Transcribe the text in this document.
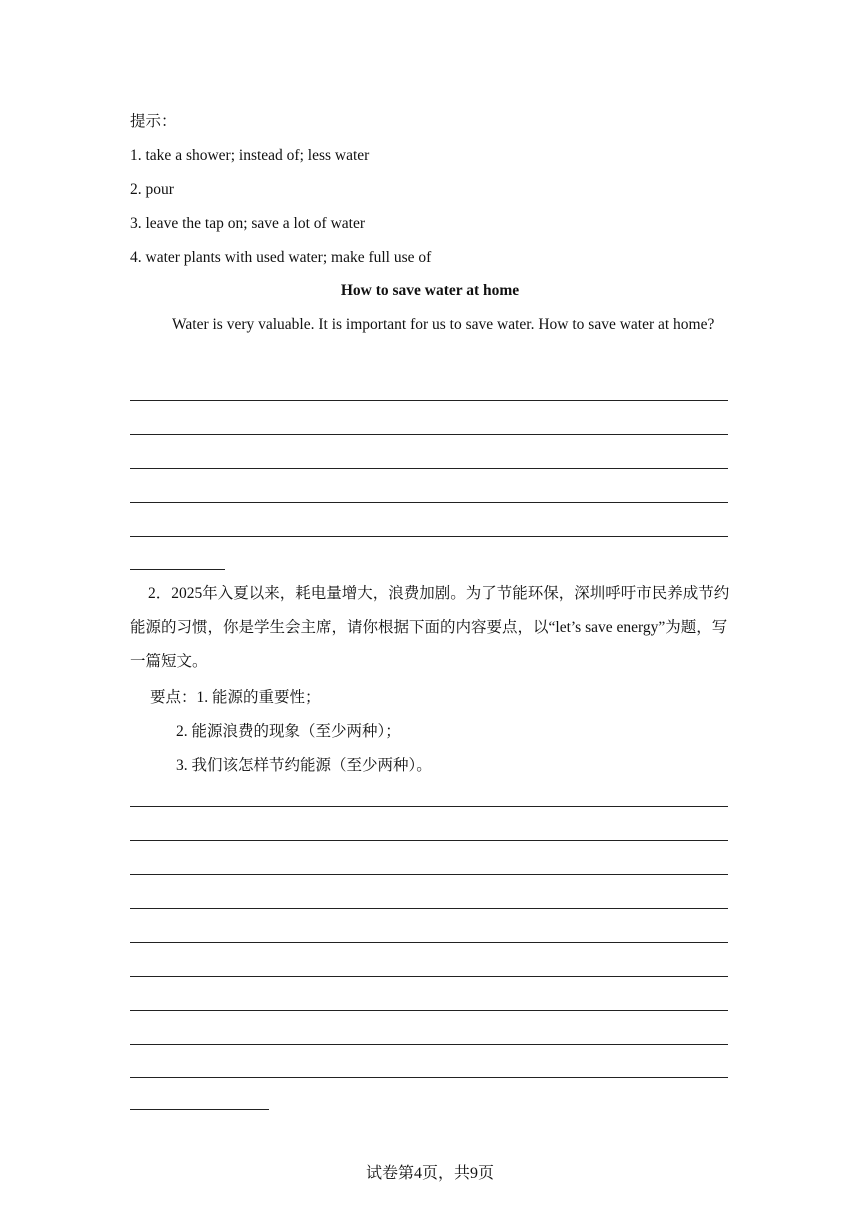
提示：
1. take a shower; instead of; less water
2. pour
3. leave the tap on; save a lot of water
4. water plants with used water; make full use of
How to save water at home
Water is very valuable. It is important for us to save water. How to save water at home?
2．2025年入夏以来，耗电量增大，浪费加剧。为了节能环保，深圳呼吁市民养成节约能源的习惯，你是学生会主席，请你根据下面的内容要点，以“let’s save energy”为题，写一篇短文。
要点：1. 能源的重要性；
2. 能源浪费的现象（至少两种）；
3. 我们该怎样节约能源（至少两种）。
试卷第4页，共9页
